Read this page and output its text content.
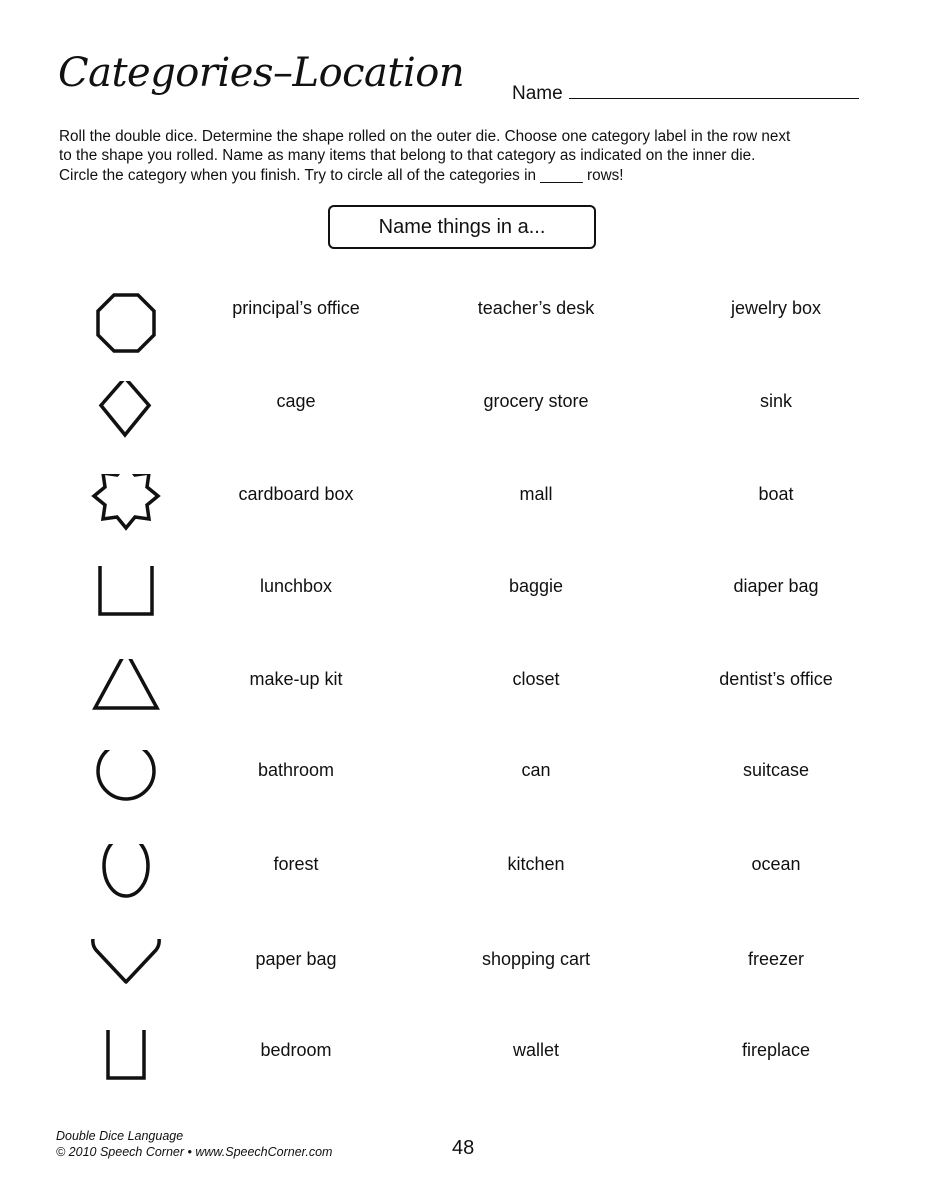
Categories–Location	Name
Roll the double dice. Determine the shape rolled on the outer die. Choose one category label in the row next
to the shape you rolled. Name as many items that belong to that category as indicated on the inner die.
Circle the category when you finish. Try to circle all of the categories in _____ rows!
Name things in a...
principal’s office	teacher’s desk	jewelry box
cage	grocery store	sink
cardboard box	mall	boat
lunchbox	baggie	diaper bag
make-up kit	closet	dentist’s office
bathroom	can	suitcase
forest	kitchen	ocean
paper bag	shopping cart	freezer
bedroom	wallet	fireplace
Double Dice Language
© 2010 Speech Corner • www.SpeechCorner.com	48
